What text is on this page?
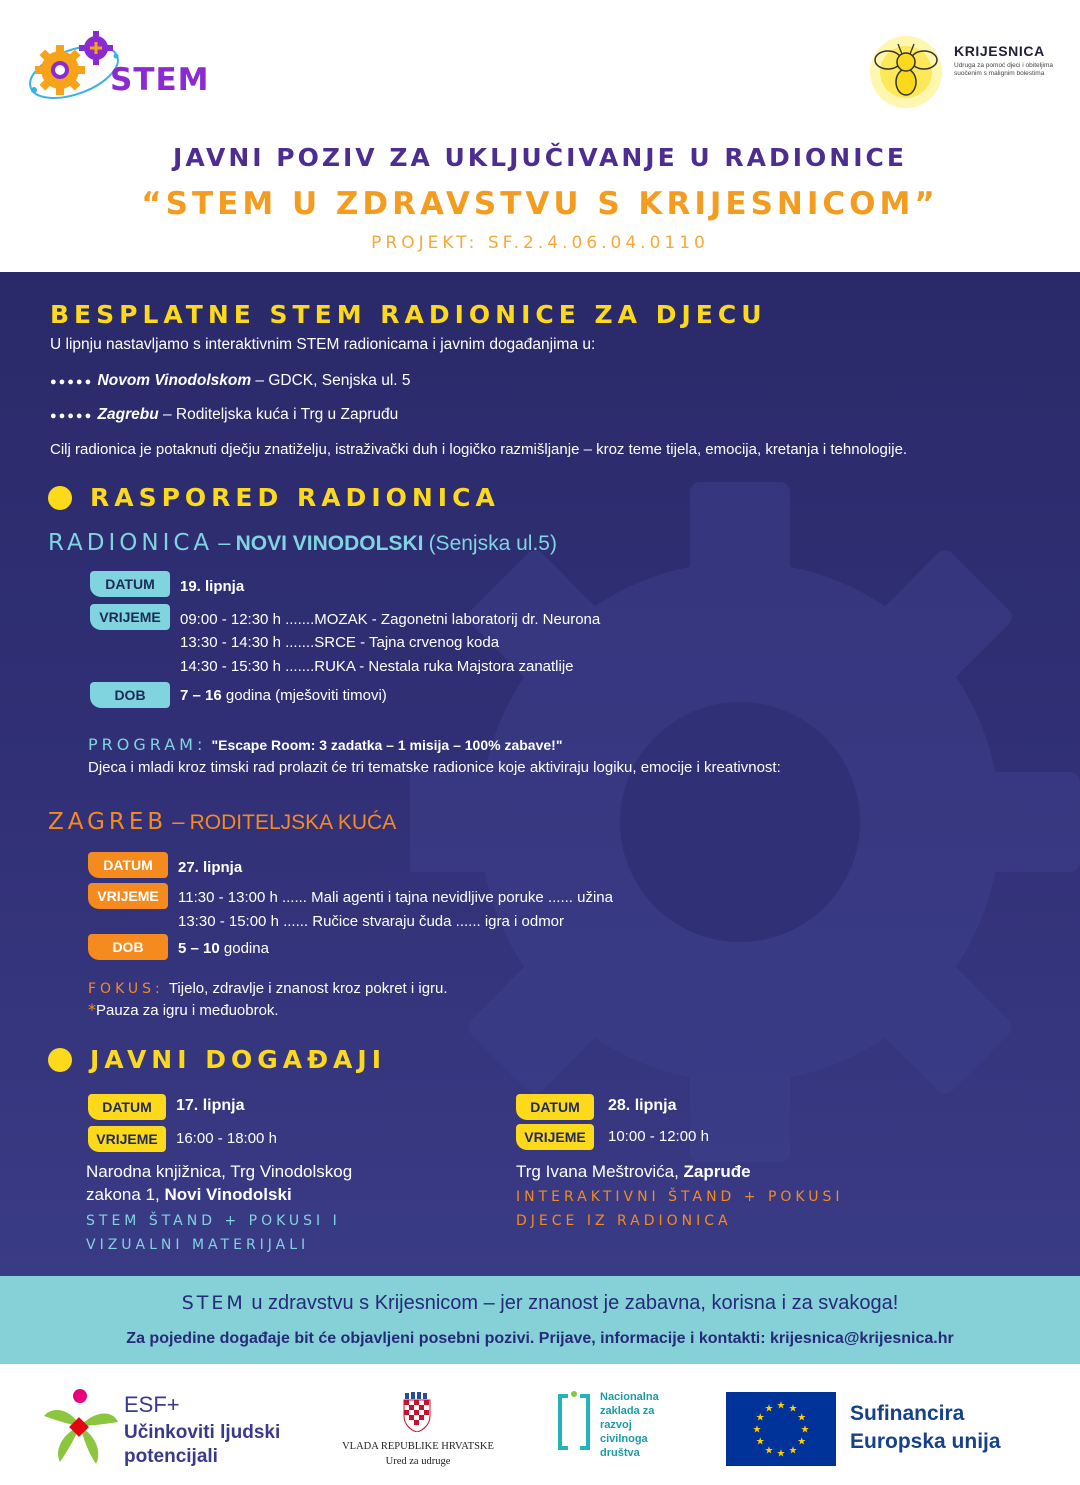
STEM
KRIJESNICA
Udruga za pomoć djeci i obiteljima suočenim s malignim bolestima
JAVNI POZIV ZA UKLJUČIVANJE U RADIONICE
“STEM U ZDRAVSTVU S KRIJESNICOM”
PROJEKT: SF.2.4.06.04.0110
BESPLATNE STEM RADIONICE ZA DJECU
U lipnju nastavljamo s interaktivnim STEM radionicama i javnim događanjima u:
●●●●● Novom Vinodolskom – GDCK, Senjska ul. 5
●●●●● Zagrebu – Roditeljska kuća i Trg u Zapruđu
Cilj radionica je potaknuti dječju znatiželju, istraživački duh i logičko razmišljanje – kroz teme tijela, emocija, kretanja i tehnologije.
RASPORED RADIONICA
RADIONICA – NOVI VINODOLSKI (Senjska ul.5)
DATUM	19. lipnja
VRIJEME	09:00 - 12:30 h .......MOZAK - Zagonetni laboratorij dr. Neurona
13:30 - 14:30 h .......SRCE - Tajna crvenog koda
14:30 - 15:30 h .......RUKA - Nestala ruka Majstora zanatlije
DOB	7 – 16 godina (mješoviti timovi)
PROGRAM: "Escape Room: 3 zadatka – 1 misija – 100% zabave!"
Djeca i mladi kroz timski rad prolazit će tri tematske radionice koje aktiviraju logiku, emocije i kreativnost:
ZAGREB – RODITELJSKA KUĆA
DATUM	27. lipnja
VRIJEME	11:30 - 13:00 h ...... Mali agenti i tajna nevidljive poruke ...... užina
13:30 - 15:00 h ...... Ručice stvaraju čuda ...... igra i odmor
DOB	5 – 10 godina
FOKUS: Tijelo, zdravlje i znanost kroz pokret i igru.
*Pauza za igru i međuobrok.
JAVNI DOGAĐAJI
DATUM	17. lipnja
VRIJEME	16:00 - 18:00 h
Narodna knjižnica, Trg Vinodolskog
zakona 1, Novi Vinodolski
STEM ŠTAND + POKUSI I
VIZUALNI MATERIJALI
DATUM	28. lipnja
VRIJEME	10:00 - 12:00 h
Trg Ivana Meštrovića, Zapruđe
INTERAKTIVNI ŠTAND + POKUSI
DJECE IZ RADIONICA
STEM u zdravstvu s Krijesnicom – jer znanost je zabavna, korisna i za svakoga!
Za pojedine događaje bit će objavljeni posebni pozivi. Prijave, informacije i kontakti: krijesnica@krijesnica.hr
ESF+
Učinkoviti ljudski
potencijali	VLADA REPUBLIKE HRVATSKE
Ured za udruge
Nacionalna
zaklada za
razvoj
civilnoga
društva
★
★
★
★
★
★
★
★
★ ★ ★
★ Sufinancira
Europska unija
